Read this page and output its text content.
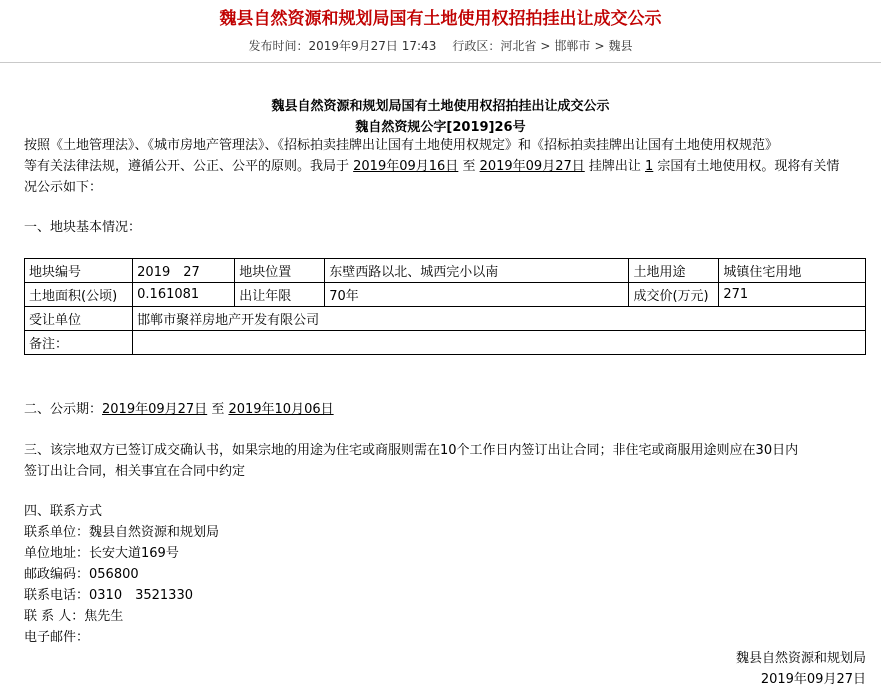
魏县自然资源和规划局国有土地使用权招拍挂出让成交公示
发布时间：2019年9月27日 17:43 行政区：河北省 > 邯郸市 > 魏县
魏县自然资源和规划局国有土地使用权招拍挂出让成交公示
魏自然资规公字[2019]26号
按照《土地管理法》、《城市房地产管理法》、《招标拍卖挂牌出让国有土地使用权规定》和《招标拍卖挂牌出让国有土地使用权规范》
等有关法律法规，遵循公开、公正、公平的原则。我局于 2019年09月16日 至 2019年09月27日 挂牌出让 1 宗国有土地使用权。现将有关情
况公示如下：
一、地块基本情况：
地块编号	2019　27	地块位置	东壁西路以北、城西完小以南	土地用途	城镇住宅用地
土地面积(公顷)	0.161081	出让年限	70年	成交价(万元)	271
受让单位	邯郸市聚祥房地产开发有限公司				
备注：					
二、公示期：2019年09月27日 至 2019年10月06日
三、该宗地双方已签订成交确认书，如果宗地的用途为住宅或商服则需在10个工作日内签订出让合同；非住宅或商服用途则应在30日内
签订出让合同，相关事宜在合同中约定
四、联系方式
联系单位：魏县自然资源和规划局
单位地址：长安大道169号
邮政编码：056800
联系电话：0310　3521330
联 系 人：焦先生
电子邮件：
魏县自然资源和规划局
2019年09月27日
